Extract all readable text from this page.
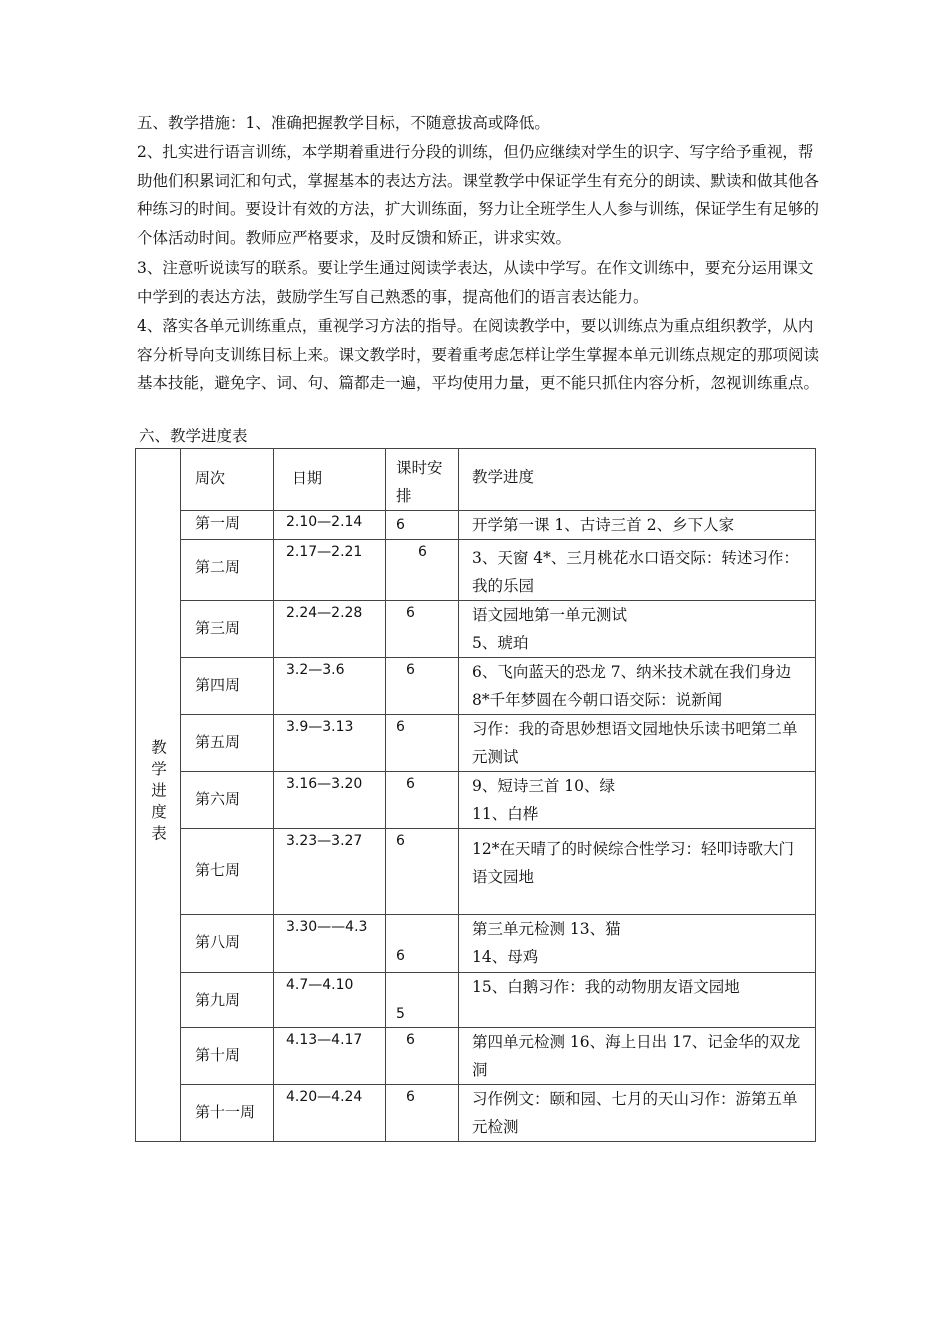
五、教学措施：1、准确把握教学目标，不随意拔高或降低。

2、扎实进行语言训练，本学期着重进行分段的训练，但仍应继续对学生的识字、写字给予重视，帮助他们积累词汇和句式，掌握基本的表达方法。课堂教学中保证学生有充分的朗读、默读和做其他各种练习的时间。要设计有效的方法，扩大训练面，努力让全班学生人人参与训练，保证学生有足够的个体活动时间。教师应严格要求，及时反馈和矫正，讲求实效。

3、注意听说读写的联系。要让学生通过阅读学表达，从读中学写。在作文训练中，要充分运用课文中学到的表达方法，鼓励学生写自己熟悉的事，提高他们的语言表达能力。

4、落实各单元训练重点，重视学习方法的指导。在阅读教学中，要以训练点为重点组织教学，从内容分析导向支训练目标上来。课文教学时，要着重考虑怎样让学生掌握本单元训练点规定的那项阅读基本技能，避免字、词、句、篇都走一遍，平均使用力量，更不能只抓住内容分析，忽视训练重点。

六、教学进度表
教学进度表	周次	日期	课时安排	教学进度

	第一周	2.10—2.14	6	开学第一课 1、古诗三首 2、乡下人家

	第二周	2.17—2.21	6	3、天窗 4*、三月桃花水口语交际：转述习作：我的乐园

	第三周	2.24—2.28	6	语文园地第一单元测试
5、琥珀

	第四周	3.2—3.6	6	6、飞向蓝天的恐龙 7、纳米技术就在我们身边 8*千年梦圆在今朝口语交际：说新闻

	第五周	3.9—3.13	6	习作：我的奇思妙想语文园地快乐读书吧第二单元测试

	第六周	3.16—3.20	6	9、短诗三首 10、绿
11、白桦

	第七周	3.23—3.27	6	12*在天晴了的时候综合性学习：轻叩诗歌大门语文园地

	第八周	3.30——4.3	6	第三单元检测 13、猫
14、母鸡

	第九周	4.7—4.10	5	15、白鹅习作：我的动物朋友语文园地

	第十周	4.13—4.17	6	第四单元检测 16、海上日出 17、记金华的双龙洞

	第十一周	4.20—4.24	6	习作例文：颐和园、七月的天山习作：游第五单元检测
